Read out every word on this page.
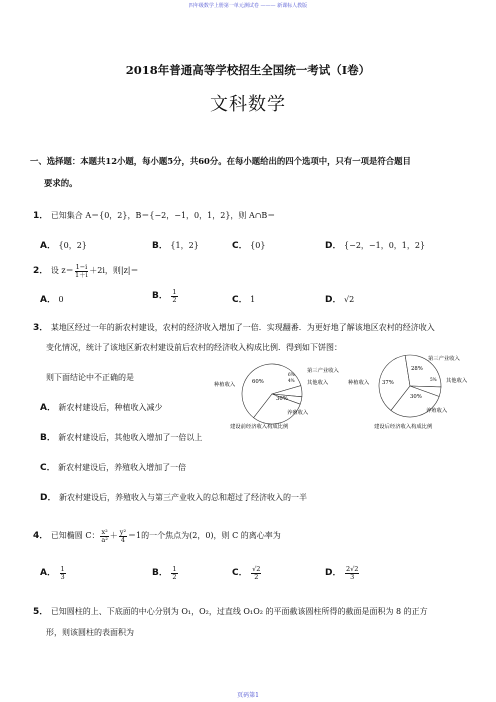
四年级数学上册第一单元测试卷 ——— 新课标人教版
2018年普通高等学校招生全国统一考试（I卷）
文科数学
一、选择题：本题共12小题，每小题5分，共60分。在每小题给出的四个选项中，只有一项是符合题目
要求的。
1． 已知集合 A＝{0，2}，B＝{−2，−1，0，1，2}，则 A∩B＝
A． {0，2}	B． {1，2}	C． {0}	D． {−2，−1，0，1，2}
2． 设 $z= \frac{1-i}{1+i} +2i$，则|z|＝
A． 0	B． $\frac{1}{2}$	C． 1	D． √2
3． 某地区经过一年的新农村建设，农村的经济收入增加了一倍．实现翻番．为更好地了解该地区农村的经济收入
变化情况，统计了该地区新农村建设前后农村的经济收入构成比例．得到如下饼图：
则下面结论中不正确的是
A． 新农村建设后，种植收入减少
B． 新农村建设后，其他收入增加了一倍以上
C． 新农村建设后，养殖收入增加了一倍
D． 新农村建设后，养殖收入与第三产业收入的总和超过了经济收入的一半
种植收入
第三产业收入
其他收入
养殖收入
60%
6%
4%
30%
建设前经济收入构成比例
种植收入
第三产业收入
其他收入
养殖收入
37%
28%
5%
30%
建设后经济收入构成比例
4． 已知椭圆 C： $\frac{\text{x²}}{\text{a²}} + \frac{\text{y²}}{4} =1$的一个焦点为(2，0)，则 C 的离心率为
A． $\frac{1}{3}$	B． $\frac{1}{2}$	C． $\frac{√2}{2}$	D． $\frac{2√2}{3}$
5． 已知圆柱的上、下底面的中心分别为 O₁，O₂，过直线 O₁O₂ 的平面截该圆柱所得的截面是面积为 8 的正方
形，则该圆柱的表面积为
页码第1
